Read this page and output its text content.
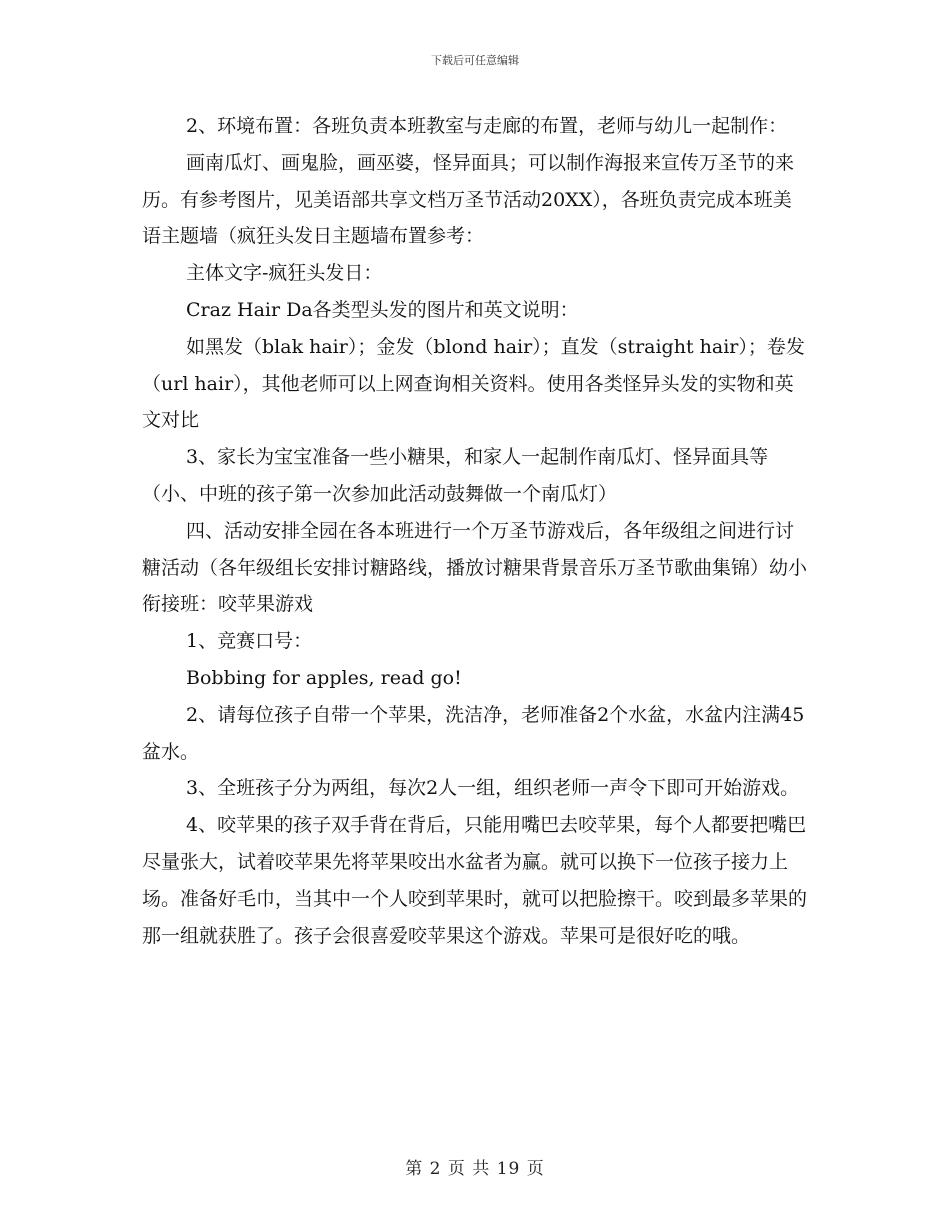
下载后可任意编辑

2、环境布置：各班负责本班教室与走廊的布置，老师与幼儿一起制作：

画南瓜灯、画鬼脸，画巫婆，怪异面具；可以制作海报来宣传万圣节的来历。有参考图片，见美语部共享文档万圣节活动20XX），各班负责完成本班美语主题墙（疯狂头发日主题墙布置参考：

主体文字-疯狂头发日：

Craz Hair Da各类型头发的图片和英文说明：

如黑发（blak hair）；金发（blond hair）；直发（straight hair）；卷发（url hair），其他老师可以上网查询相关资料。使用各类怪异头发的实物和英文对比

3、家长为宝宝准备一些小糖果，和家人一起制作南瓜灯、怪异面具等（小、中班的孩子第一次参加此活动鼓舞做一个南瓜灯）

四、活动安排全园在各本班进行一个万圣节游戏后，各年级组之间进行讨糖活动（各年级组长安排讨糖路线，播放讨糖果背景音乐万圣节歌曲集锦）幼小衔接班：咬苹果游戏

1、竞赛口号：

Bobbing for apples, read go!

2、请每位孩子自带一个苹果，洗洁净，老师准备2个水盆，水盆内注满45盆水。

3、全班孩子分为两组，每次2人一组，组织老师一声令下即可开始游戏。

4、咬苹果的孩子双手背在背后，只能用嘴巴去咬苹果，每个人都要把嘴巴尽量张大，试着咬苹果先将苹果咬出水盆者为赢。就可以换下一位孩子接力上场。准备好毛巾，当其中一个人咬到苹果时，就可以把脸擦干。咬到最多苹果的那一组就获胜了。孩子会很喜爱咬苹果这个游戏。苹果可是很好吃的哦。

第 2 页 共 19 页
